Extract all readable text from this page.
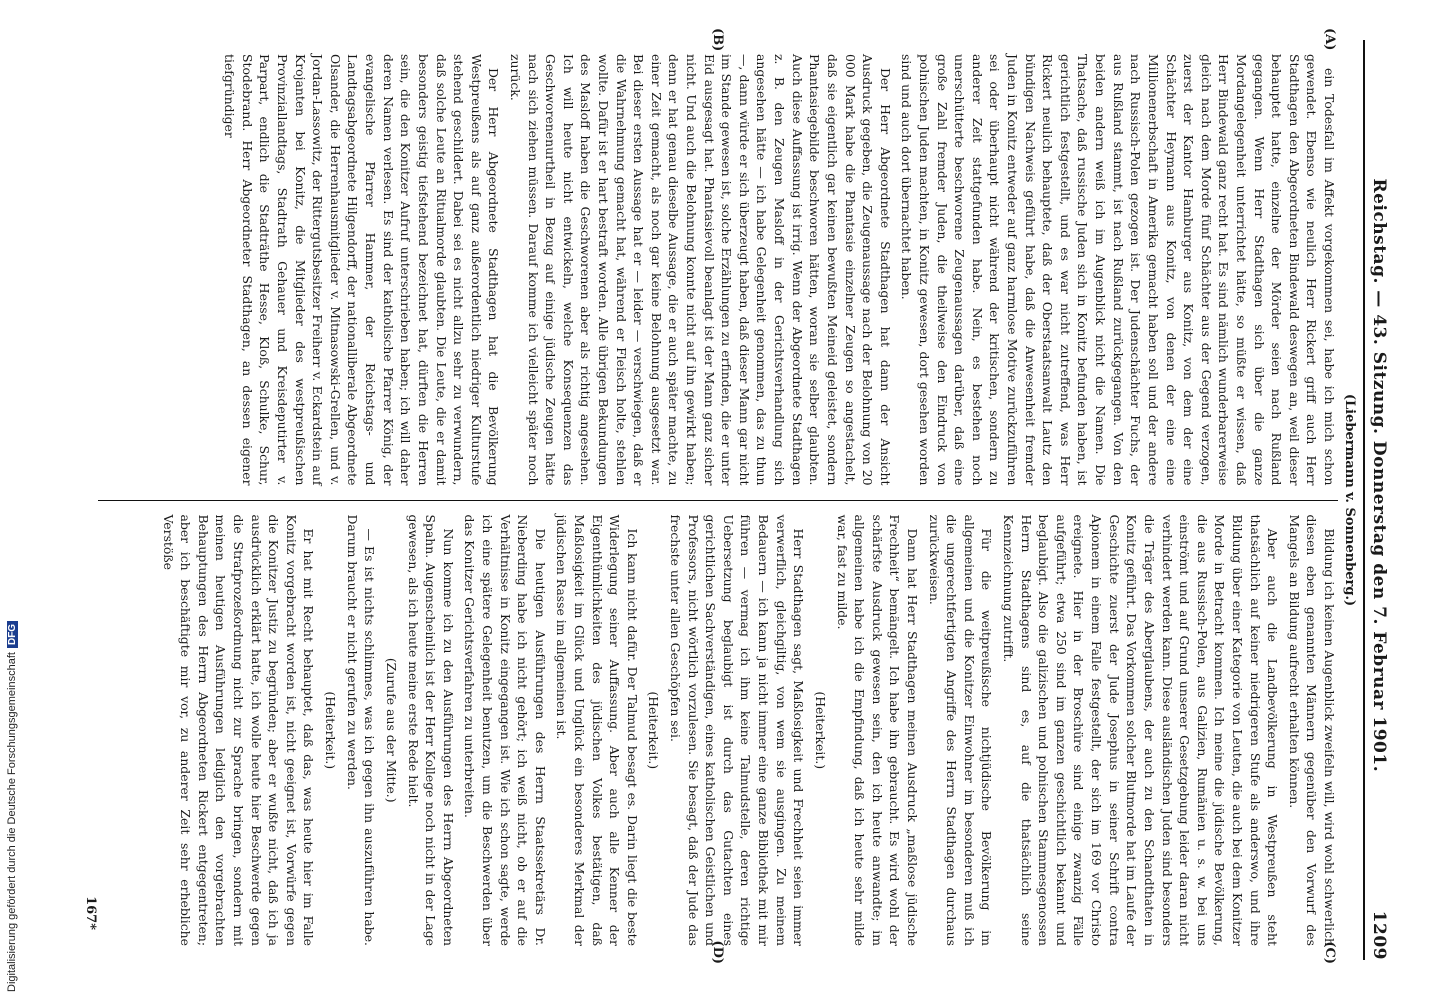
Reichstag. — 43. Sitzung. Donnerstag den 7. Februar 1901.
1209
(Liebermann v. Sonnenberg.)
(A)
(B)

ein Todesfall im Affekt vorgekommen sei, habe ich mich schon gewendet. Ebenso wie neulich Herr Rickert griff auch Herr Stadthagen den Abgeordneten Bindewald deswegen an, weil dieser behauptet hatte, einzelne der Mörder seien nach Rußland gegangen. Wenn Herr Stadthagen sich über die ganze Mordangelegenheit unterrichtet hätte, so müßte er wissen, daß Herr Bindewald ganz recht hat. Es sind nämlich wunderbarerweise gleich nach dem Morde fünf Schächter aus der Gegend verzogen, zuerst der Kantor Hamburger aus Konitz, von dem der eine Schächter Heymann aus Konitz, von denen der eine eine Millionenerbschaft in Amerika gemacht haben soll und der andere nach Russisch-Polen gezogen ist. Der Judenschächter Fuchs, der aus Rußland stammt, ist nach Rußland zurückgegangen. Von den beiden andern weiß ich im Augenblick nicht die Namen. Die Thatsache, daß russische Juden sich in Konitz befunden haben, ist gerichtlich festgestellt, und es war nicht zutreffend, was Herr Rickert neulich behauptete, daß der Oberstaatsanwalt Lautz den bündigen Nachweis geführt habe, daß die Anwesenheit fremder Juden in Konitz entweder auf ganz harmlose Motive zurückzuführen sei oder überhaupt nicht während der kritischen, sondern zu anderer Zeit stattgefunden habe. Nein, es bestehen noch unerschütterte beschworene Zeugenaussagen darüber, daß eine große Zahl fremder Juden, die theilweise den Eindruck von polnischen Juden machten, in Konitz gewesen, dort gesehen worden sind und auch dort übernachtet haben.

Der Herr Abgeordnete Stadthagen hat dann der Ansicht Ausdruck gegeben, die Zeugenaussage nach der Belohnung von 20 000 Mark habe die Phantasie einzelner Zeugen so angestachelt, daß sie eigentlich gar keinen bewußten Meineid geleistet, sondern Phantasiegebilde beschworen hätten, woran sie selber glaubten. Auch diese Auffassung ist irrig. Wenn der Abgeordnete Stadthagen z. B. den Zeugen Masloff in der Gerichtsverhandlung sich angesehen hätte — ich habe Gelegenheit genommen, das zu thun —, dann würde er sich überzeugt haben, daß dieser Mann gar nicht im Stande gewesen ist, solche Erzählungen zu erfinden, die er unter Eid ausgesagt hat. Phantasievoll beanlagt ist der Mann ganz sicher nicht. Und auch die Belohnung konnte nicht auf ihn gewirkt haben; denn er hat genau dieselbe Aussage, die er auch später machte, zu einer Zeit gemacht, als noch gar keine Belohnung ausgesetzt war. Bei dieser ersten Aussage hat er — leider — verschwiegen, daß er die Wahrnehmung gemacht hat, während er Fleisch holte, stehlen wollte. Dafür ist er hart bestraft worden. Alle übrigen Bekundungen des Masloff haben die Geschworenen aber als richtig angesehen. Ich will heute nicht entwickeln, welche Konsequenzen das Geschworenenurtheil in Bezug auf einige jüdische Zeugen hätte nach sich ziehen müssen. Darauf komme ich vielleicht später noch zurück.

Der Herr Abgeordnete Stadthagen hat die Bevölkerung Westpreußens als auf ganz außerordentlich niedriger Kulturstufe stehend geschildert. Dabei sei es nicht allzu sehr zu verwundern, daß solche Leute an Ritualmorde glaubten. Die Leute, die er damit besonders geistig tiefstehend bezeichnet hat, dürften die Herren sein, die den Konitzer Aufruf unterschrieben haben; ich will daher deren Namen verlesen. Es sind der katholische Pfarrer König, der evangelische Pfarrer Hammer, der Reichstags- und Landtagsabgeordnete Hilgendorff, der nationalliberale Abgeordnete Olsander, die Herrenhausmitglieder v. Mitnasowski-Grellen, und v. Jordan-Lassowitz, der Rittergutsbesitzer Freiherr v. Eckardstein auf Krojanten bei Konitz, die Mitglieder des westpreußischen Provinziallandtags, Stadtrath Gehauer und Kreisdeputirter v. Parpart, endlich die Stadträthe Hesse, Kloß, Schulke, Schur, Stodebrand. Herr Abgeordneter Stadthagen, an dessen eigener tiefgründiger

(C)
(D)

Bildung ich keinen Augenblick zweifeln will, wird wohl schwerlich diesen eben genannten Männern gegenüber den Vorwurf des Mangels an Bildung aufrecht erhalten können.

Aber auch die Landbevölkerung in Westpreußen steht thatsächlich auf keiner niedrigeren Stufe als anderswo, und ihre Bildung über einer Kategorie von Leuten, die auch bei dem Konitzer Morde in Betracht kommen. Ich meine die jüdische Bevölkerung, die aus Russisch-Polen, aus Galizien, Rumänien u. s. w. bei uns einströmt und auf Grund unserer Gesetzgebung leider daran nicht verhindert werden kann. Diese ausländischen Juden sind besonders die Träger des Aberglaubens, der auch zu den Schandthaten in Konitz geführt. Das Vorkommen solcher Blutmorde hat im Laufe der Geschichte zuerst der Jude Josephus in seiner Schrift contra Apionem in einem Falle festgestellt, der sich im 169 vor Christo ereignete. Hier in der Broschüre sind einige zwanzig Fälle aufgeführt; etwa 250 sind im ganzen geschichtlich bekannt und beglaubigt. Also die galizischen und polnischen Stammesgenossen Herrn Stadthagens sind es, auf die thatsächlich seine Kennzeichnung zutrifft.

Für die weitpreußische nichtjüdische Bevölkerung im allgemeinen und die Konitzer Einwohner im besonderen muß ich die ungerechtfertigten Angriffe des Herrn Stadthagen durchaus zurückweisen.

Dann hat Herr Stadthagen meinen Ausdruck „maßlose jüdische Frechheit“ bemängelt. Ich habe ihn gebraucht. Es wird wohl der schärfste Ausdruck gewesen sein, den ich heute anwandte; im allgemeinen habe ich die Empfindung, daß ich heute sehr milde war, fast zu milde.

(Heiterkeit.)

Herr Stadthagen sagt, Maßlosigkeit und Frechheit seien immer verwerflich, gleichgiltig, von wem sie ausgingen. Zu meinem Bedauern — ich kann ja nicht immer eine ganze Bibliothek mit mir führen — vermag ich ihm keine Talmudstelle, deren richtige Uebersetzung beglaubigt ist durch das Gutachten eines gerichtlichen Sachverständigen, eines katholischen Geistlichen und Professors, nicht wörtlich vorzulesen. Sie besagt, daß der Jude das frechste unter allen Geschöpfen sei.

(Heiterkeit.)

Ich kann nicht dafür. Der Talmud besagt es. Darin liegt die beste Widerlegung seiner Auffassung. Aber auch alle Kenner der Eigenthümlichkeiten des jüdischen Volkes bestätigen, daß Maßlosigkeit im Glück und Unglück ein besonderes Merkmal der jüdischen Rasse im allgemeinen ist.

Die heutigen Ausführungen des Herrn Staatssekretärs Dr. Nieberding habe ich nicht gehört; ich weiß nicht, ob er auf die Verhältnisse in Konitz eingegangen ist. Wie ich schon sagte, werde ich eine spätere Gelegenheit benutzen, um die Beschwerden über das Konitzer Gerichtsverfahren zu unterbreiten.

Nun komme ich zu den Ausführungen des Herrn Abgeordneten Spahn. Augenscheinlich ist der Herr Kollege noch nicht in der Lage gewesen, als ich heute meine erste Rede hielt.

(Zurufe aus der Mitte.)

— Es ist nichts schlimmes, was ich gegen ihn auszuführen habe. Darum braucht er nicht gerufen zu werden.

(Heiterkeit.)

Er hat mit Recht behauptet, daß das, was heute hier im Falle Konitz vorgebracht worden ist, nicht geeignet ist, Vorwürfe gegen die Konitzer Justiz zu begründen; aber er wußte nicht, daß ich ja ausdrücklich erklärt hatte, ich wolle heute hier Beschwerde gegen die Strafprozeßordnung nicht zur Sprache bringen, sondern mit meinen heutigen Ausführungen lediglich den vorgebrachten Behauptungen des Herrn Abgeordneten Rickert entgegentreten; aber ich beschäftigte mir vor, zu anderer Zeit sehr erhebliche Verstöße

167*
Digitalisierung gefördert durch die Deutsche ForschungsgemeinschaftDFG
